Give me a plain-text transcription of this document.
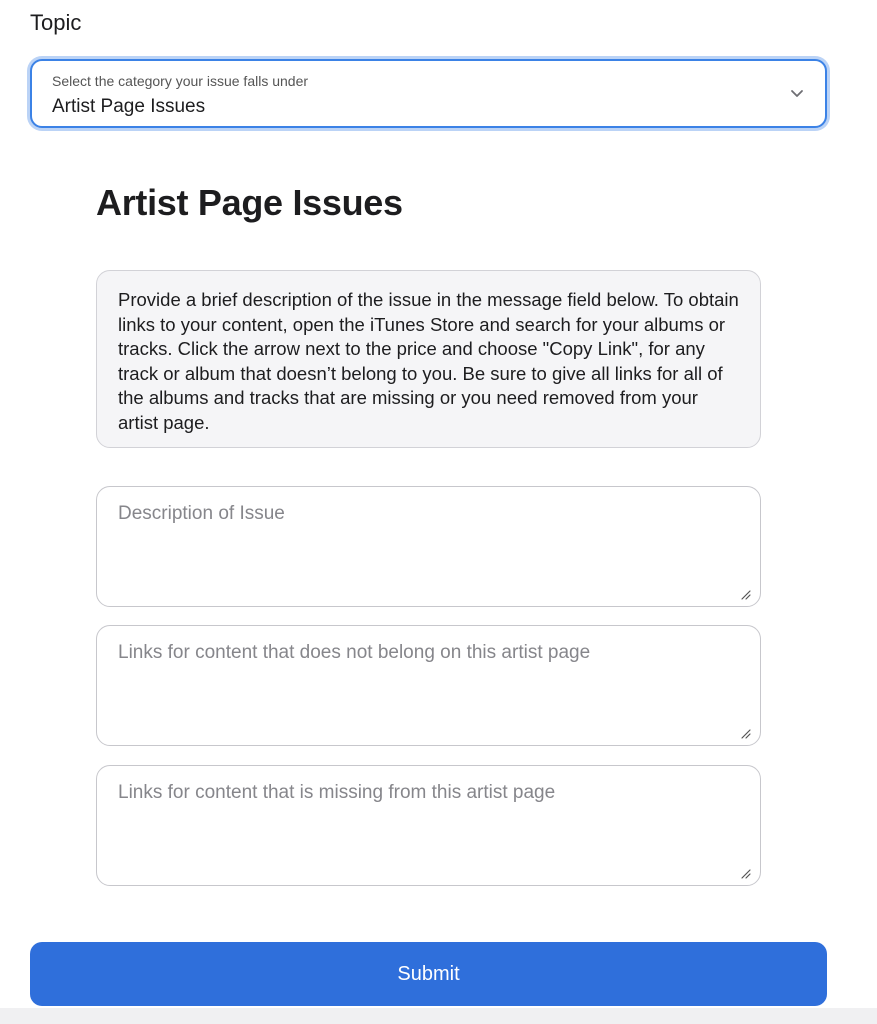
Topic
Select the category your issue falls under
Artist Page Issues
Artist Page Issues
Provide a brief description of the issue in the message field below. To obtain links to your content, open the iTunes Store and search for your albums or tracks. Click the arrow next to the price and choose "Copy Link", for any track or album that doesn’t belong to you. Be sure to give all links for all of the albums and tracks that are missing or you need removed from your artist page.
Description of Issue
Links for content that does not belong on this artist page
Links for content that is missing from this artist page
Submit
